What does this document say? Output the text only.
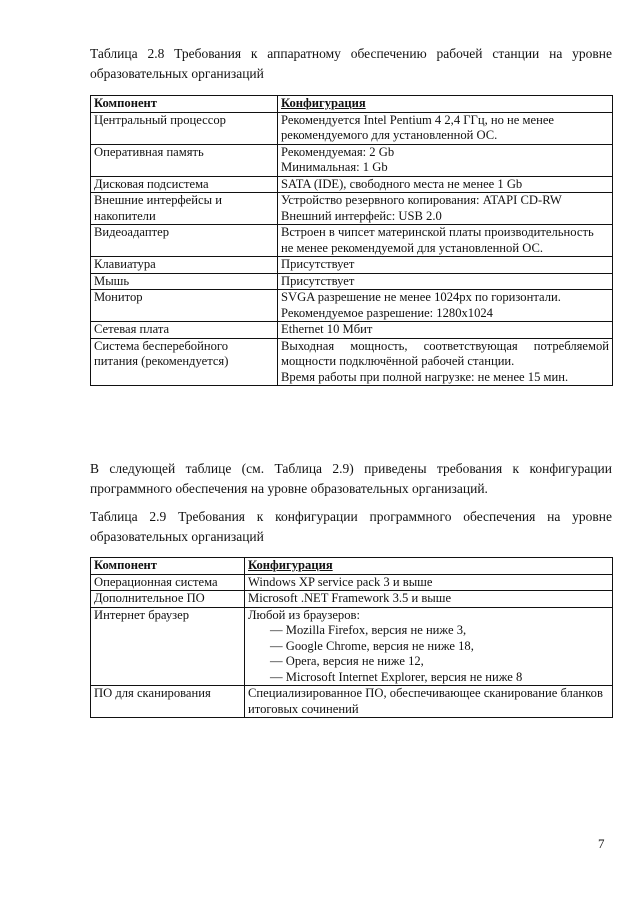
Таблица 2.8 Требования к аппаратному обеспечению рабочей станции на уровне образовательных организаций
Компонент	Конфигурация
Центральный процессор	Рекомендуется Intel Pentium 4 2,4 ГГц, но не менее рекомендуемого для установленной ОС.
Оперативная память	Рекомендуемая: 2 Gb
Минимальная: 1 Gb

Дисковая подсистема	SATA (IDE), свободного места не менее 1 Gb
Внешние интерфейсы и накопители	Устройство резервного копирования: ATAPI CD-RW
Внешний интерфейс: USB 2.0

Видеоадаптер	Встроен в чипсет материнской платы производительность не менее рекомендуемой для установленной ОС.
Клавиатура	Присутствует
Мышь	Присутствует
Монитор	SVGA разрешение не менее 1024px по горизонтали.
Рекомендуемое разрешение: 1280x1024

Сетевая плата	Ethernet 10 Мбит
Система бесперебойного питания (рекомендуется)	Выходная мощность, соответствующая потребляемой мощности подключённой рабочей станции.
Время работы при полной нагрузке: не менее 15 мин.
В следующей таблице (см. Таблица 2.9) приведены требования к конфигурации программного обеспечения на уровне образовательных организаций.
Таблица 2.9 Требования к конфигурации программного обеспечения на уровне образовательных организаций
Компонент	Конфигурация
Операционная система	Windows XP service pack 3 и выше
Дополнительное ПО	Microsoft .NET Framework 3.5 и выше
Интернет браузер	Любой из браузеров:
— Mozilla Firefox, версия не ниже 3,
— Google Chrome, версия не ниже 18,
— Opera, версия не ниже 12,
— Microsoft Internet Explorer, версия не ниже 8

ПО для сканирования	Специализированное ПО, обеспечивающее сканирование бланков итоговых сочинений
7
